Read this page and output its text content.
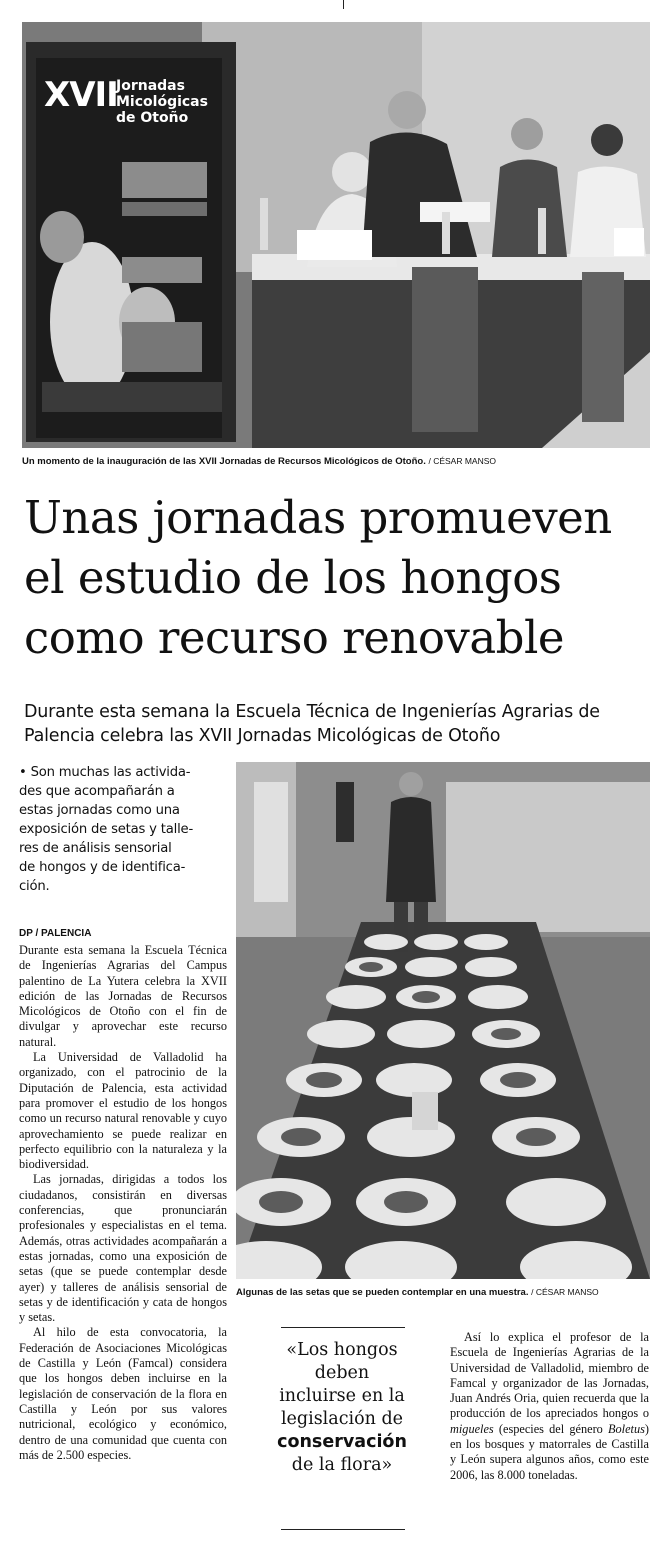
XVII
Jornadas
Micológicas
de Otoño
Un momento de la inauguración de las XVII Jornadas de Recursos Micológicos de Otoño. / CÉSAR MANSO
Unas jornadas promueven
el estudio de los hongos
como recurso renovable
Durante esta semana la Escuela Técnica de Ingenierías Agrarias de
Palencia celebra las XVII Jornadas Micológicas de Otoño
• Son muchas las activida-
des que acompañarán a
estas jornadas como una
exposición de setas y talle-
res de análisis sensorial
de hongos y de identifica-
ción.
DP / PALENCIA

Durante esta semana la Escuela Técnica de Ingenierías Agrarias del Campus palentino de La Yutera celebra la XVII edición de las Jornadas de Recursos Micológicos de Otoño con el fin de divulgar y aprovechar este recurso natural.

La Universidad de Valladolid ha organizado, con el patrocinio de la Diputación de Palencia, esta actividad para promover el estudio de los hongos como un recurso natural renovable y cuyo aprovechamiento se puede realizar en perfecto equilibrio con la naturaleza y la biodiversidad.

Las jornadas, dirigidas a todos los ciudadanos, consistirán en diversas conferencias, que pronunciarán profesionales y especialistas en el tema. Además, otras actividades acompañarán a estas jornadas, como una exposición de setas (que se puede contemplar desde ayer) y talleres de análisis sensorial de setas y de identificación y cata de hongos y setas.

Al hilo de esta convocatoria, la Federación de Asociaciones Micológicas de Castilla y León (Famcal) considera que los hongos deben incluirse en la legislación de conservación de la flora en Castilla y León por sus valores nutricional, ecológico y económico, dentro de una comunidad que cuenta con más de 2.500 especies.

Algunas de las setas que se pueden contemplar en una muestra. / CÉSAR MANSO
«Los hongos
deben
incluirse en la
legislación de
conservación
de la flora»

Así lo explica el profesor de la Escuela de Ingenierías Agrarias de la Universidad de Valladolid, miembro de Famcal y organizador de las Jornadas, Juan Andrés Oria, quien recuerda que la producción de los apreciados hongos o migueles (especies del género Boletus) en los bosques y matorrales de Castilla y León supera algunos años, como este 2006, las 8.000 toneladas.
